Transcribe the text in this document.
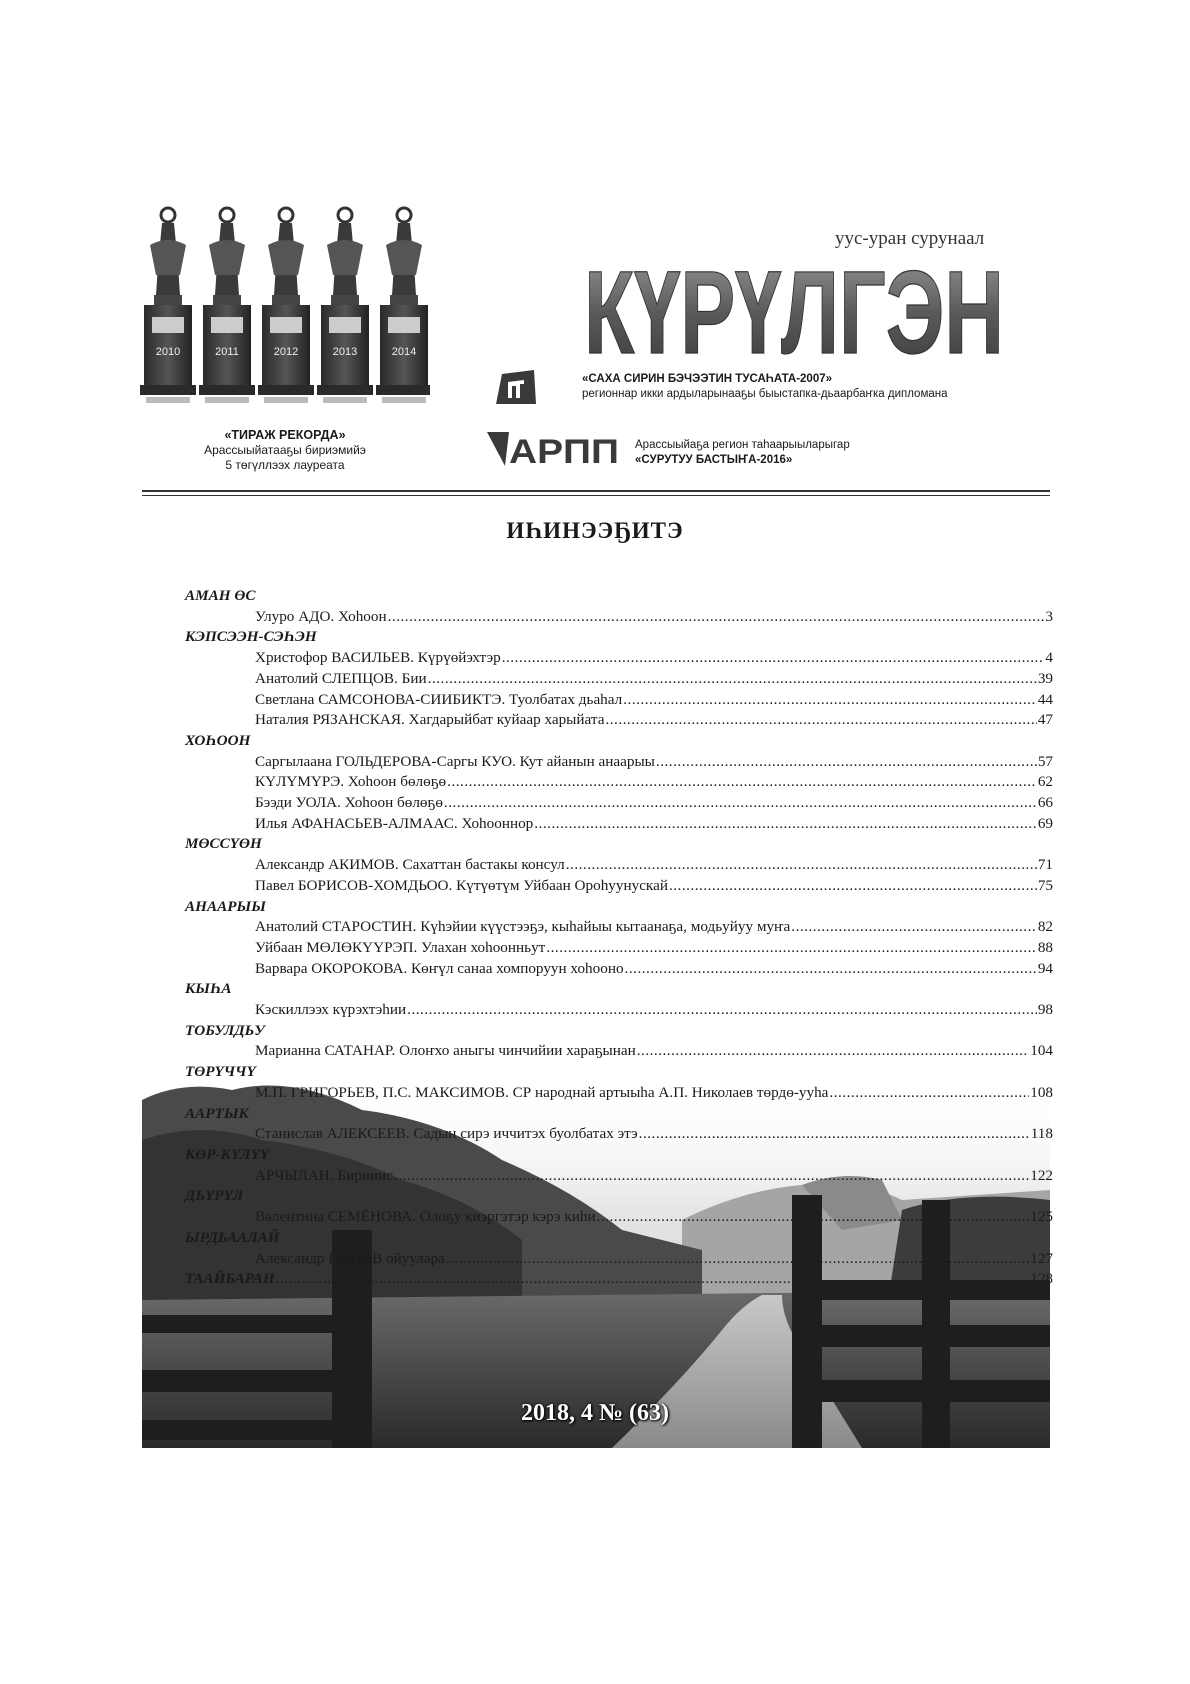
2010	2011	2012	2013	2014
«ТИРАЖ РЕКОРДА»
Арассыыйатааҕы бириэмийэ
5 төгүллээх лауреата
уус-уран сурунаал
КҮРҮЛГЭН
«САХА СИРИН БЭЧЭЭТИН ТУСАҺАТА-2007»
регионнар икки ардыларынааҕы быыстапка-дьаарбаҥка дипломана
АРПП Арассыыйаҕа регион таһаарыыларыгар
«СУРУТУУ БАСТЫҤА-2016»
ИҺИНЭЭҔИТЭ
2018, 4 № (63)
АМАН ӨС
Улуро АДО. Хоһоон .....	3
КЭПСЭЭН-СЭҺЭН
Христофор ВАСИЛЬЕВ. Күрүөйэхтэр .....	4
Анатолий СЛЕПЦОВ. Бии .....	39
Светлана САМСОНОВА-СИИБИКТЭ. Туолбатах дьаһал .....	44
Наталия РЯЗАНСКАЯ. Хагдарыйбат куйаар харыйата .....	47
ХОҺООН
Саргылаана ГОЛЬДЕРОВА-Саргы КУО. Кут айанын анаарыы .....	57
КҮЛҮМҮРЭ. Хоһоон бөлөҕө .....	62
Бээди УОЛА. Хоһоон бөлөҕө .....	66
Илья АФАНАСЬЕВ-АЛМААС. Хоһооннор .....	69
МӨССҮӨН
Александр АКИМОВ. Сахаттан бастакы консул .....	71
Павел БОРИСОВ-ХОМДЬОО. Күтүөтүм Уйбаан Ороһуунускай .....	75
АНААРЫЫ
Анатолий СТАРОСТИН. Күһэйии күүстээҕэ, кыһайыы кытаанаҕа, модьуйуу муҥа .....	82
Уйбаан МӨЛӨКҮҮРЭП. Улахан хоһоонньут .....	88
Варвара ОКОРОКОВА. Көҥүл санаа хомпоруун хоһооно .....	94
КЫҺА
Кэскиллээх күрэхтэһии .....	98
ТОБУЛДЬУ
Марианна САТАНАР. Олоҥхо аныгы чинчийии хараҕынан .....	104
ТӨРҮЧЧҮ
М.П. ГРИГОРЬЕВ, П.С. МАКСИМОВ. СР народнай артыыһа А.П. Николаев төрдө-ууһа .....	108
ААРТЫК
Станислав АЛЕКСЕЕВ. Садын сирэ иччитэх буолбатах этэ .....	118
КӨР-КҮЛҮҮ
АРЧЫЛАН. Бирииис .....	122
ДЬҮРҮЛ
Валентина СЕМЁНОВА. Олоҕу киэргэтэр кэрэ киһи .....	125
ЫРДЬААЛАЙ
Александр ПОПОВ ойуулара .....	127
ТААЙБАРАН .....	128
